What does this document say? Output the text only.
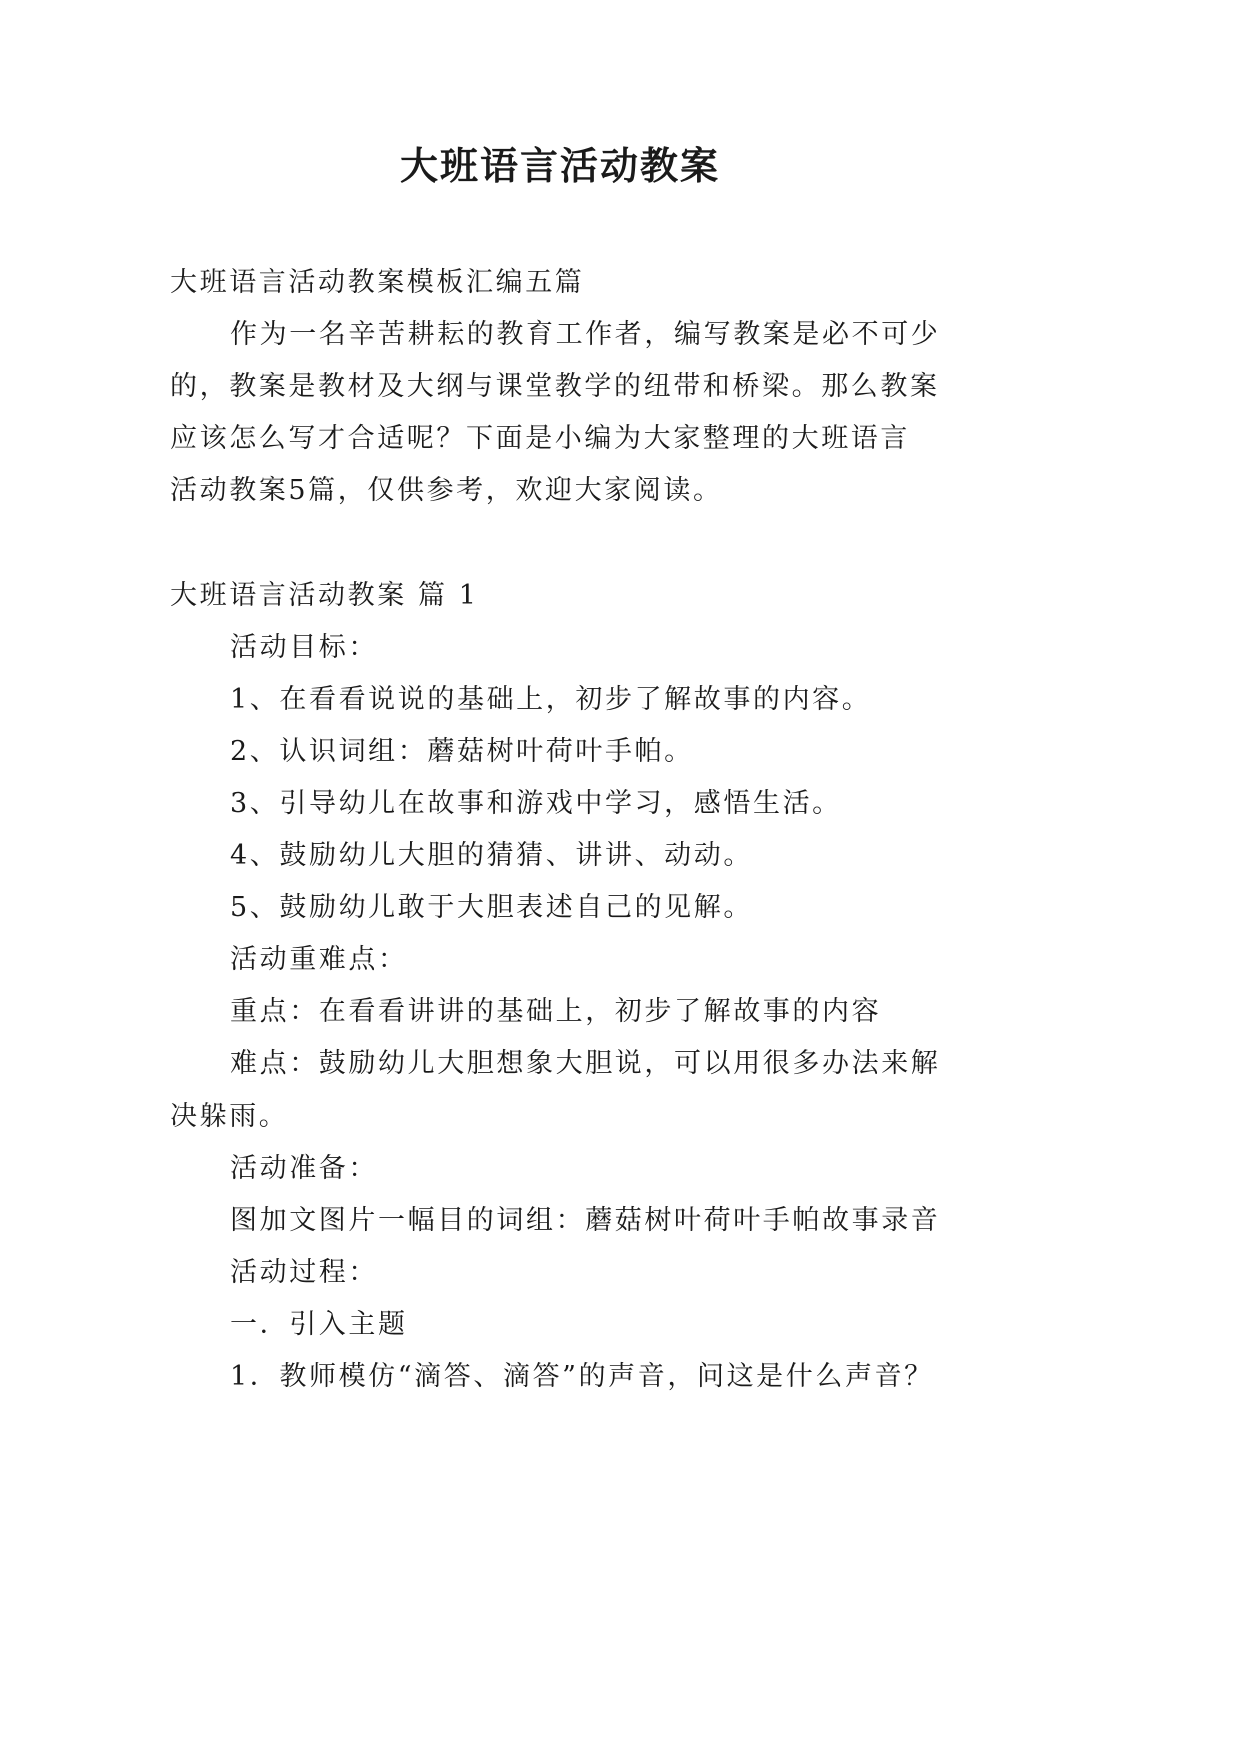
大班语言活动教案
大班语言活动教案模板汇编五篇
作为一名辛苦耕耘的教育工作者，编写教案是必不可少
的，教案是教材及大纲与课堂教学的纽带和桥梁。那么教案
应该怎么写才合适呢？下面是小编为大家整理的大班语言
活动教案5篇，仅供参考，欢迎大家阅读。
大班语言活动教案 篇 1
活动目标：
1、在看看说说的基础上，初步了解故事的内容。
2、认识词组：蘑菇树叶荷叶手帕。
3、引导幼儿在故事和游戏中学习，感悟生活。
4、鼓励幼儿大胆的猜猜、讲讲、动动。
5、鼓励幼儿敢于大胆表述自己的见解。
活动重难点：
重点：在看看讲讲的基础上，初步了解故事的内容
难点：鼓励幼儿大胆想象大胆说，可以用很多办法来解
决躲雨。
活动准备：
图加文图片一幅目的词组：蘑菇树叶荷叶手帕故事录音
活动过程：
一．引入主题
1．教师模仿“滴答、滴答”的声音，问这是什么声音？
